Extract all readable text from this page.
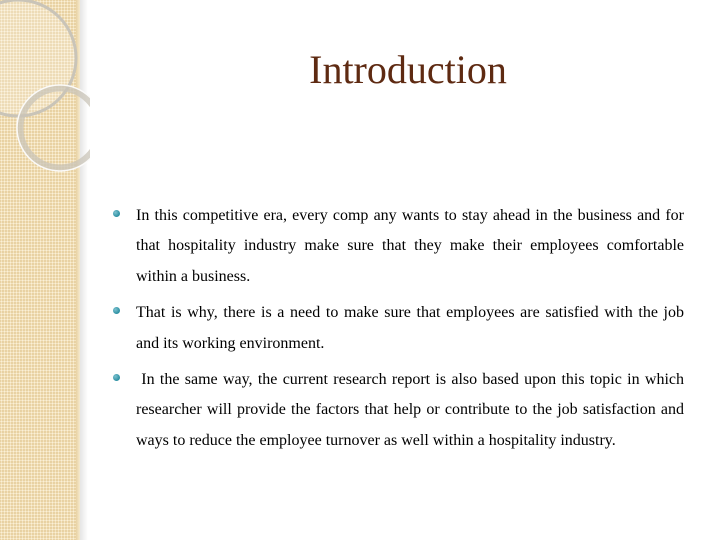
Introduction
In this competitive era, every comp any wants to stay ahead in the business and for that hospitality industry make sure that they make their employees comfortable within a business.
That is why, there is a need to make sure that employees are satisfied with the job and its working environment.
In the same way, the current research report is also based upon this topic in which researcher will provide the factors that help or contribute to the job satisfaction and ways to reduce the employee turnover as well within a hospitality industry.
